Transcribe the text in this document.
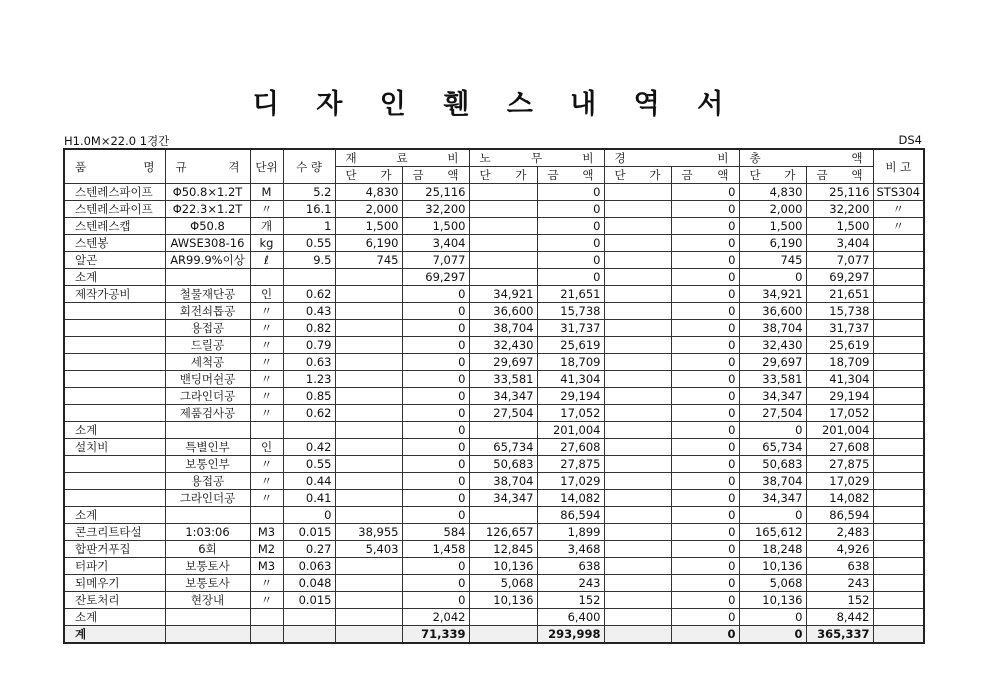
디 자 인 휀 스 내 역 서
H1.0M×22.0 1경간	DS4
품 명	규 격	단위	수 량	재 료 비		노 무 비		경 비		총 액		비 고
				단 가	금 액	단 가	금 액	단 가	금 액	단 가	금 액	
스텐레스파이프	Φ50.8×1.2T	M	5.2	4,830	25,116		0		0	4,830	25,116	STS304
스텐레스파이프	Φ22.3×1.2T	〃	16.1	2,000	32,200		0		0	2,000	32,200	〃
스텐레스캡	Φ50.8	개	1	1,500	1,500		0		0	1,500	1,500	〃
스텐봉	AWSE308-16	kg	0.55	6,190	3,404		0		0	6,190	3,404	
알곤	AR99.9%이상	ℓ	9.5	745	7,077		0		0	745	7,077	
소계					69,297		0		0	0	69,297	
제작가공비	철물재단공	인	0.62		0	34,921	21,651		0	34,921	21,651	
	회전쇠톱공	〃	0.43		0	36,600	15,738		0	36,600	15,738	
	용접공	〃	0.82		0	38,704	31,737		0	38,704	31,737	
	드릴공	〃	0.79		0	32,430	25,619		0	32,430	25,619	
	세척공	〃	0.63		0	29,697	18,709		0	29,697	18,709	
	밴딩머쉰공	〃	1.23		0	33,581	41,304		0	33,581	41,304	
	그라인더공	〃	0.85		0	34,347	29,194		0	34,347	29,194	
	제품검사공	〃	0.62		0	27,504	17,052		0	27,504	17,052	
소계					0		201,004		0	0	201,004	
설치비	특별인부	인	0.42		0	65,734	27,608		0	65,734	27,608	
	보통인부	〃	0.55		0	50,683	27,875		0	50,683	27,875	
	용접공	〃	0.44		0	38,704	17,029		0	38,704	17,029	
	그라인더공	〃	0.41		0	34,347	14,082		0	34,347	14,082	
소계			0		0		86,594		0	0	86,594	
콘크리트타설	1:03:06	M3	0.015	38,955	584	126,657	1,899		0	165,612	2,483	
합판거푸집	6회	M2	0.27	5,403	1,458	12,845	3,468		0	18,248	4,926	
터파기	보통토사	M3	0.063		0	10,136	638		0	10,136	638	
되메우기	보통토사	〃	0.048		0	5,068	243		0	5,068	243	
잔토처리	현장내	〃	0.015		0	10,136	152		0	10,136	152	
소계					2,042		6,400		0	0	8,442	
계					71,339		293,998		0	0	365,337	
